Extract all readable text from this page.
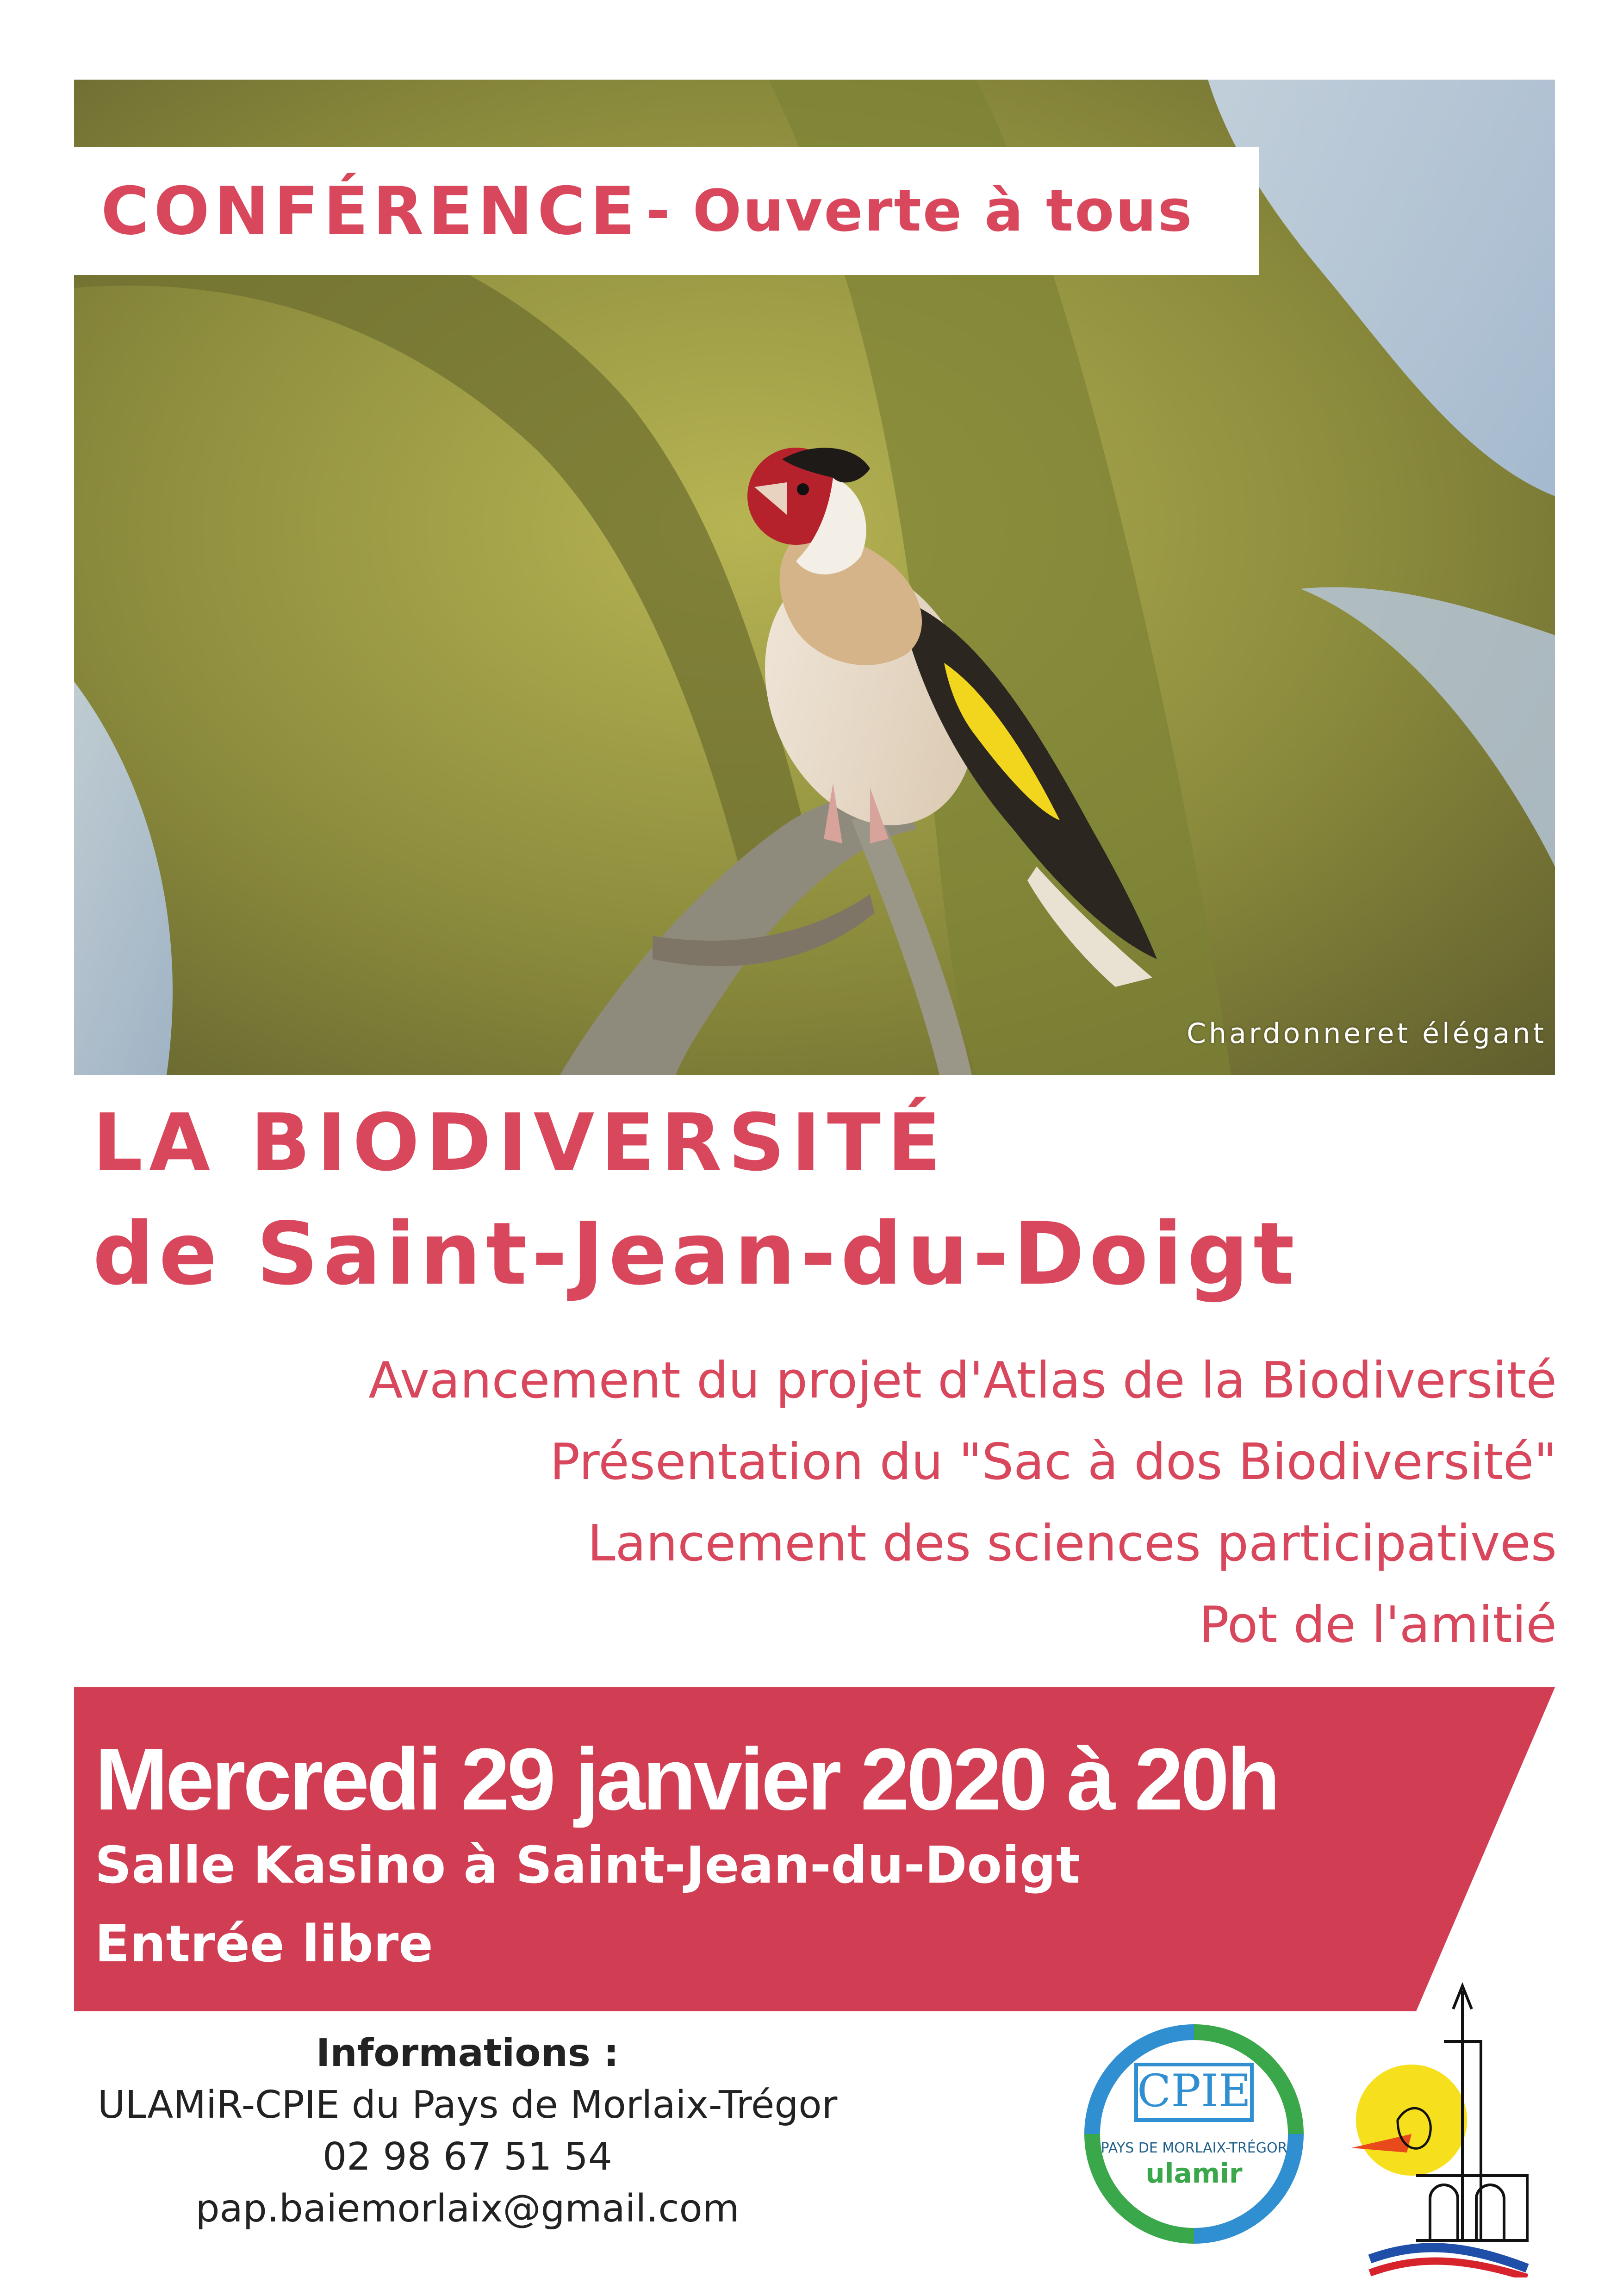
CONFÉRENCE - Ouverte à tous
Chardonneret élégant
LA BIODIVERSITÉ
de Saint-Jean-du-Doigt
Avancement du projet d'Atlas de la Biodiversité
Présentation du "Sac à dos Biodiversité"
Lancement des sciences participatives
Pot de l'amitié
Mercredi 29 janvier 2020 à 20h
Salle Kasino à Saint-Jean-du-Doigt
Entrée libre
Informations :
ULAMiR-CPIE du Pays de Morlaix-Trégor
02 98 67 51 54
pap.baiemorlaix@gmail.com
CPIE
PAYS DE MORLAIX-TRÉGOR
ulamir
